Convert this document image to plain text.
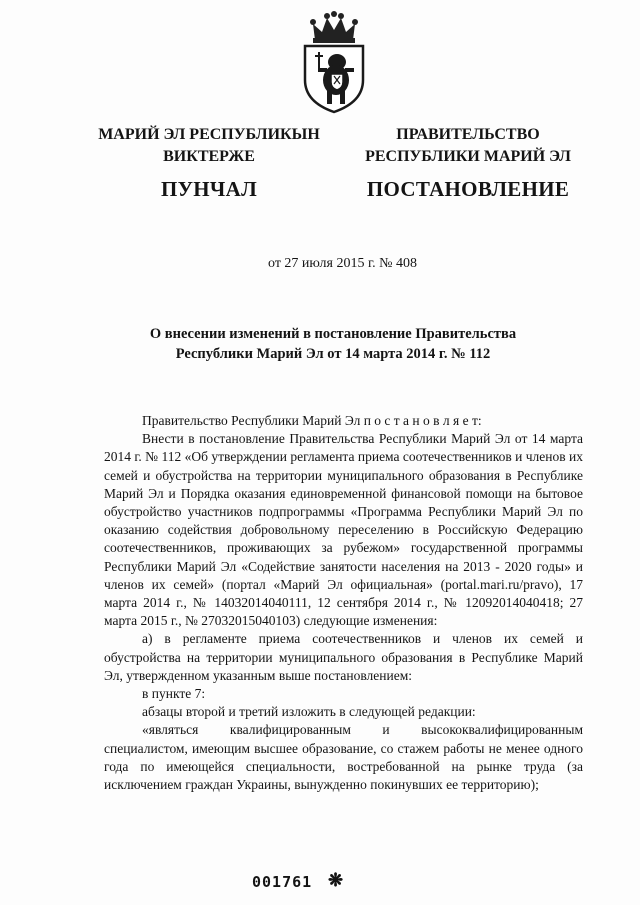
МАРИЙ ЭЛ РЕСПУБЛИКЫН
ВИКТЕРЖЕ
ПУНЧАЛ
ПРАВИТЕЛЬСТВО
РЕСПУБЛИКИ МАРИЙ ЭЛ
ПОСТАНОВЛЕНИЕ
от 27 июля 2015 г. № 408
О внесении изменений в постановление Правительства
Республики Марий Эл от 14 марта 2014 г. № 112

Правительство Республики Марий Эл п о с т а н о в л я е т:

Внести в постановление Правительства Республики Марий Эл от 14 марта 2014 г. № 112 «Об утверждении регламента приема соотечественников и членов их семей и обустройства на территории муниципального образования в Республике Марий Эл и Порядка оказания единовременной финансовой помощи на бытовое обустройство участников подпрограммы «Программа Республики Марий Эл по оказанию содействия добровольному переселению в Российскую Федерацию соотечественников, проживающих за рубежом» государственной программы Республики Марий Эл «Содействие занятости населения на 2013 - 2020 годы» и членов их семей» (портал «Марий Эл официальная» (portal.mari.ru/pravo), 17 марта 2014 г., № 14032014040111, 12 сентября 2014 г., № 12092014040418; 27 марта 2015 г., № 27032015040103) следующие изменения:

а) в регламенте приема соотечественников и членов их семей и обустройства на территории муниципального образования в Республике Марий Эл, утвержденном указанным выше постановлением:

в пункте 7:

абзацы второй и третий изложить в следующей редакции:

«являться квалифицированным и высококвалифицированным специалистом, имеющим высшее образование, со стажем работы не менее одного года по имеющейся специальности, востребованной на рынке труда (за исключением граждан Украины, вынужденно покинувших ее территорию);

001761 ❋
